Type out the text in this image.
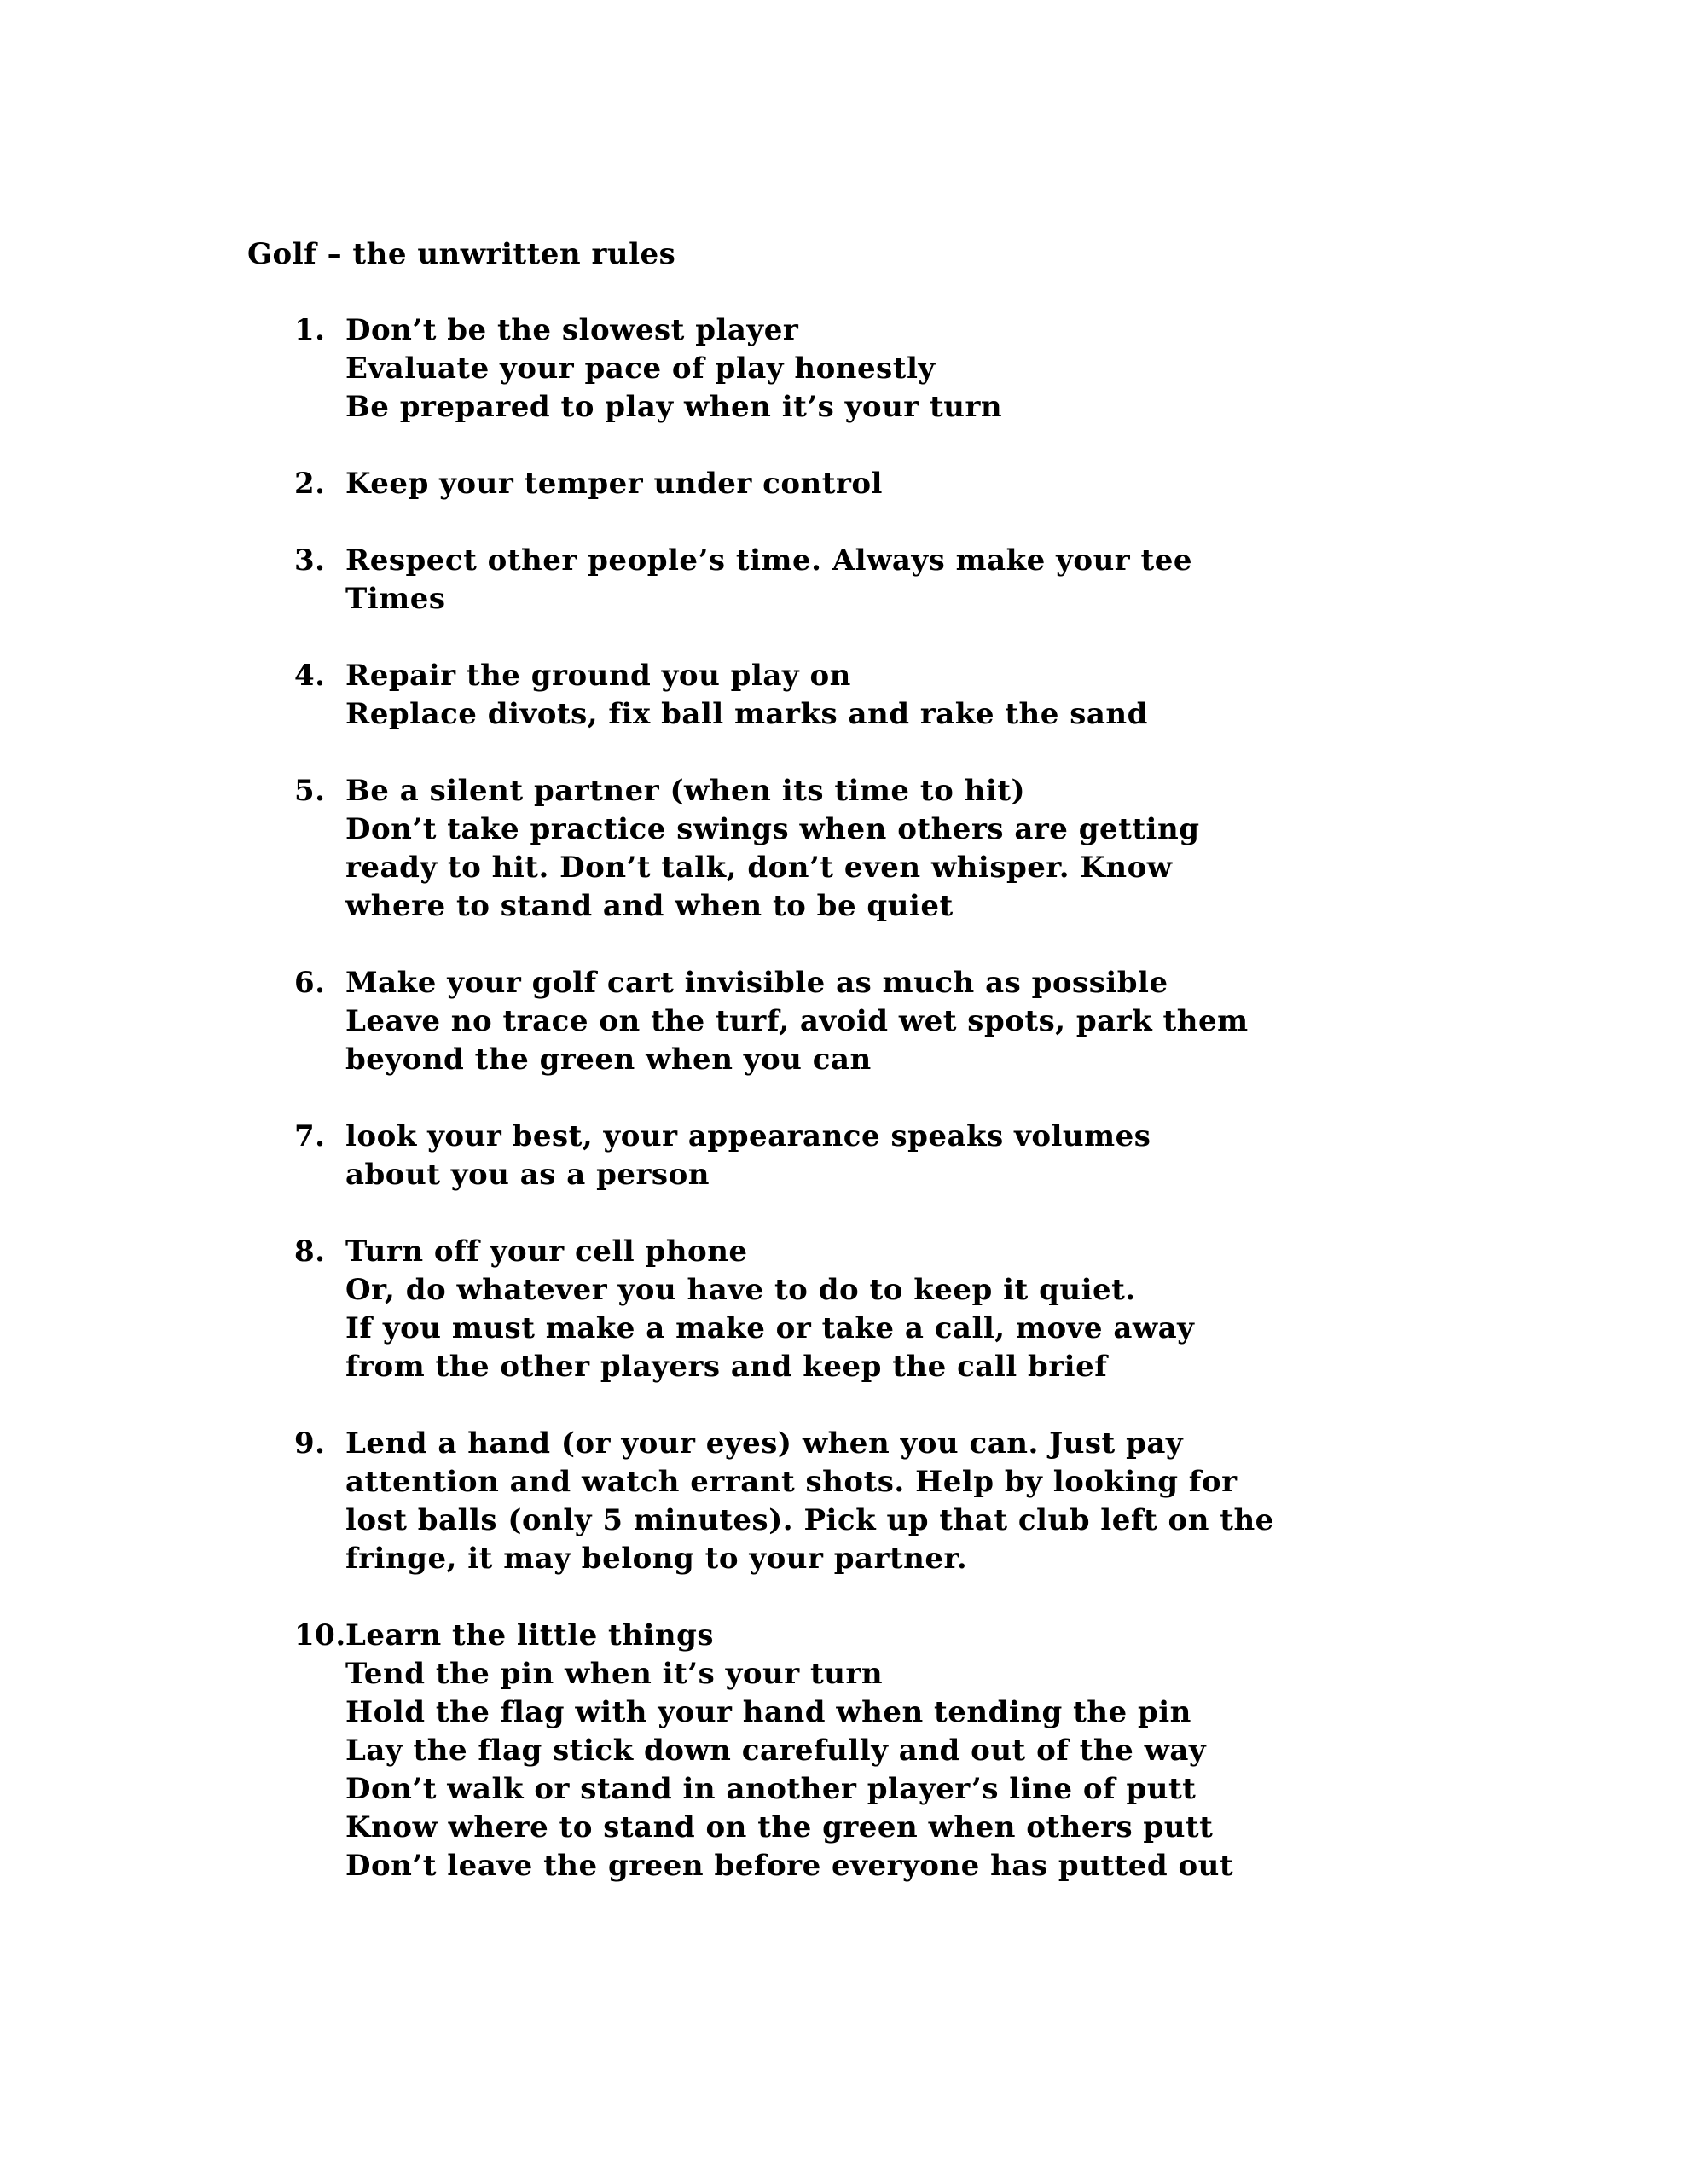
Golf – the unwritten rules
1. Don’t be the slowest player
Evaluate your pace of play honestly
Be prepared to play when it’s your turn
2. Keep your temper under control
3. Respect other people’s time. Always make your tee
Times
4. Repair the ground you play on
Replace divots, fix ball marks and rake the sand
5. Be a silent partner (when its time to hit)
Don’t take practice swings when others are getting
ready to hit. Don’t talk, don’t even whisper. Know
where to stand and when to be quiet
6. Make your golf cart invisible as much as possible
Leave no trace on the turf, avoid wet spots, park them
beyond the green when you can
7. look your best, your appearance speaks volumes
about you as a person
8. Turn off your cell phone
Or, do whatever you have to do to keep it quiet.
If you must make a make or take a call, move away
from the other players and keep the call brief
9. Lend a hand (or your eyes) when you can. Just pay
attention and watch errant shots. Help by looking for
lost balls (only 5 minutes). Pick up that club left on the
fringe, it may belong to your partner.
10. Learn the little things
Tend the pin when it’s your turn
Hold the flag with your hand when tending the pin
Lay the flag stick down carefully and out of the way
Don’t walk or stand in another player’s line of putt
Know where to stand on the green when others putt
Don’t leave the green before everyone has putted out
